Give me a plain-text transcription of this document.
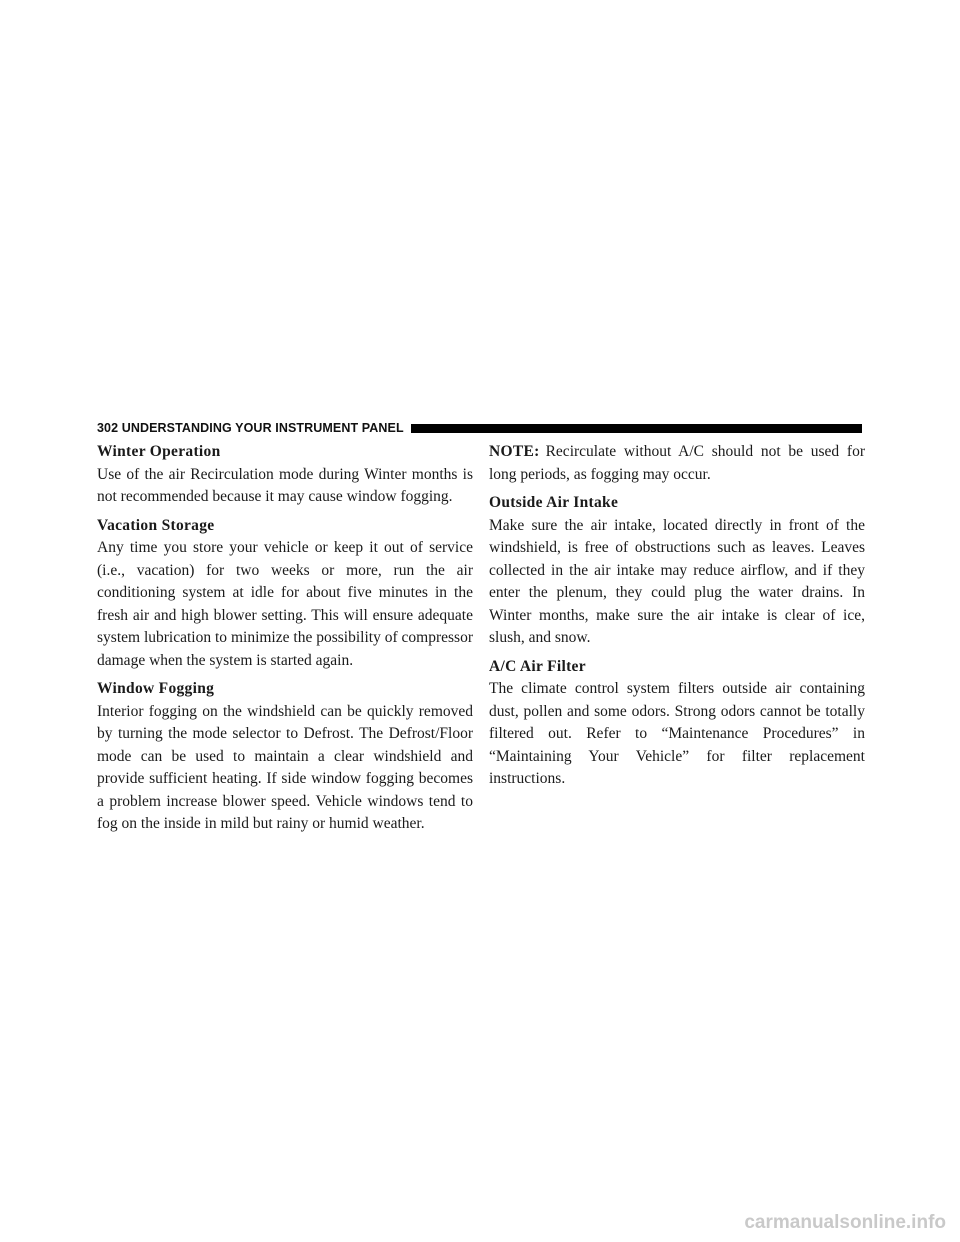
302 UNDERSTANDING YOUR INSTRUMENT PANEL

Winter Operation

Use of the air Recirculation mode during Winter months is not recommended because it may cause window fogging.

Vacation Storage

Any time you store your vehicle or keep it out of service (i.e., vacation) for two weeks or more, run the air conditioning system at idle for about five minutes in the fresh air and high blower setting. This will ensure adequate system lubrication to minimize the possibility of compressor damage when the system is started again.

Window Fogging

Interior fogging on the windshield can be quickly removed by turning the mode selector to Defrost. The Defrost/Floor mode can be used to maintain a clear windshield and provide sufficient heating. If side window fogging becomes a problem increase blower speed. Vehicle windows tend to fog on the inside in mild but rainy or humid weather.

NOTE: Recirculate without A/C should not be used for long periods, as fogging may occur.

Outside Air Intake

Make sure the air intake, located directly in front of the windshield, is free of obstructions such as leaves. Leaves collected in the air intake may reduce airflow, and if they enter the plenum, they could plug the water drains. In Winter months, make sure the air intake is clear of ice, slush, and snow.

A/C Air Filter

The climate control system filters outside air containing dust, pollen and some odors. Strong odors cannot be totally filtered out. Refer to “Maintenance Procedures” in “Maintaining Your Vehicle” for filter replacement instructions.

carmanualsonline.info
